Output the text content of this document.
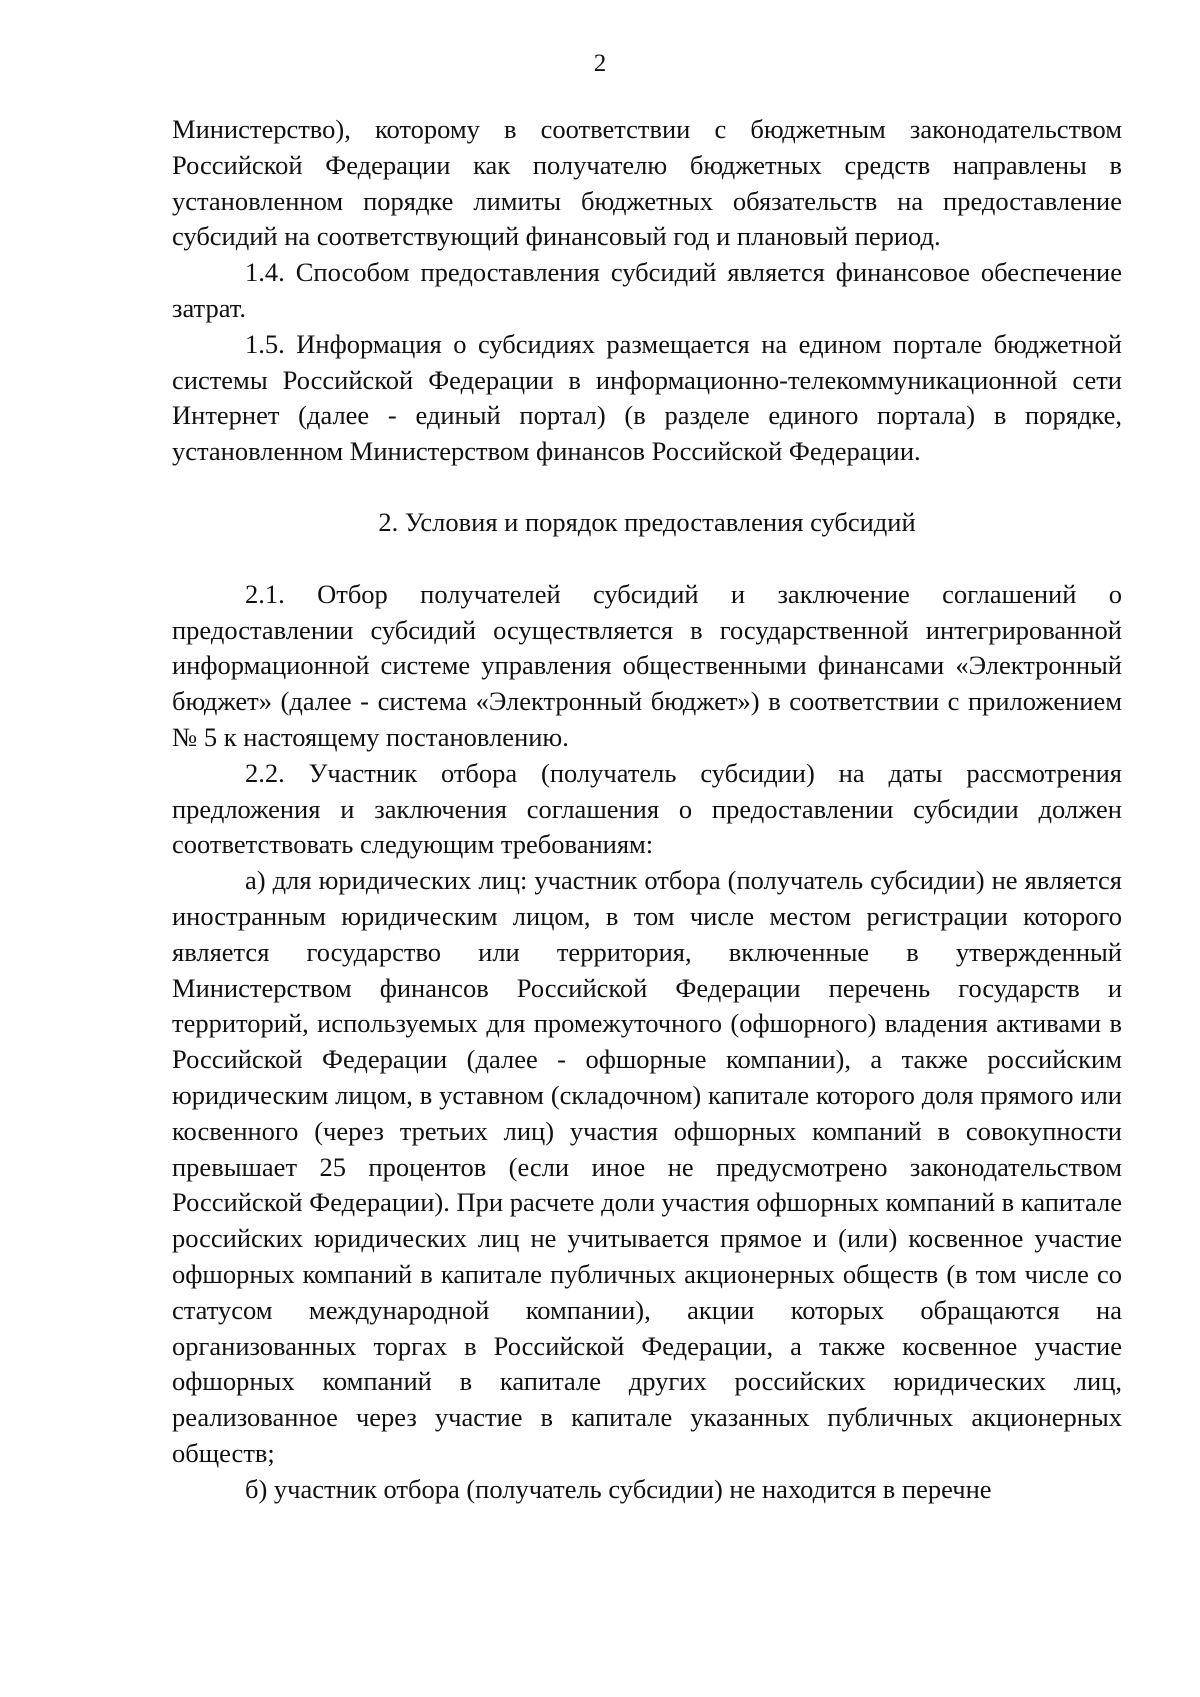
2

Министерство), которому в соответствии с бюджетным законодательством Российской Федерации как получателю бюджетных средств направлены в установленном порядке лимиты бюджетных обязательств на предоставление субсидий на соответствующий финансовый год и плановый период.

1.4. Способом предоставления субсидий является финансовое обеспечение затрат.

1.5. Информация о субсидиях размещается на едином портале бюджетной системы Российской Федерации в информационно-телекоммуникационной сети Интернет (далее - единый портал) (в разделе единого портала) в порядке, установленном Министерством финансов Российской Федерации.

2. Условия и порядок предоставления субсидий

2.1. Отбор получателей субсидий и заключение соглашений о предоставлении субсидий осуществляется в государственной интегрированной информационной системе управления общественными финансами «Электронный бюджет» (далее - система «Электронный бюджет») в соответствии с приложением № 5 к настоящему постановлению.

2.2. Участник отбора (получатель субсидии) на даты рассмотрения предложения и заключения соглашения о предоставлении субсидии должен соответствовать следующим требованиям:

а) для юридических лиц: участник отбора (получатель субсидии) не является иностранным юридическим лицом, в том числе местом регистрации которого является государство или территория, включенные в утвержденный Министерством финансов Российской Федерации перечень государств и территорий, используемых для промежуточного (офшорного) владения активами в Российской Федерации (далее - офшорные компании), а также российским юридическим лицом, в уставном (складочном) капитале которого доля прямого или косвенного (через третьих лиц) участия офшорных компаний в совокупности превышает 25 процентов (если иное не предусмотрено законодательством Российской Федерации). При расчете доли участия офшорных компаний в капитале российских юридических лиц не учитывается прямое и (или) косвенное участие офшорных компаний в капитале публичных акционерных обществ (в том числе со статусом международной компании), акции которых обращаются на организованных торгах в Российской Федерации, а также косвенное участие офшорных компаний в капитале других российских юридических лиц, реализованное через участие в капитале указанных публичных акционерных обществ;

б) участник отбора (получатель субсидии) не находится в перечне
